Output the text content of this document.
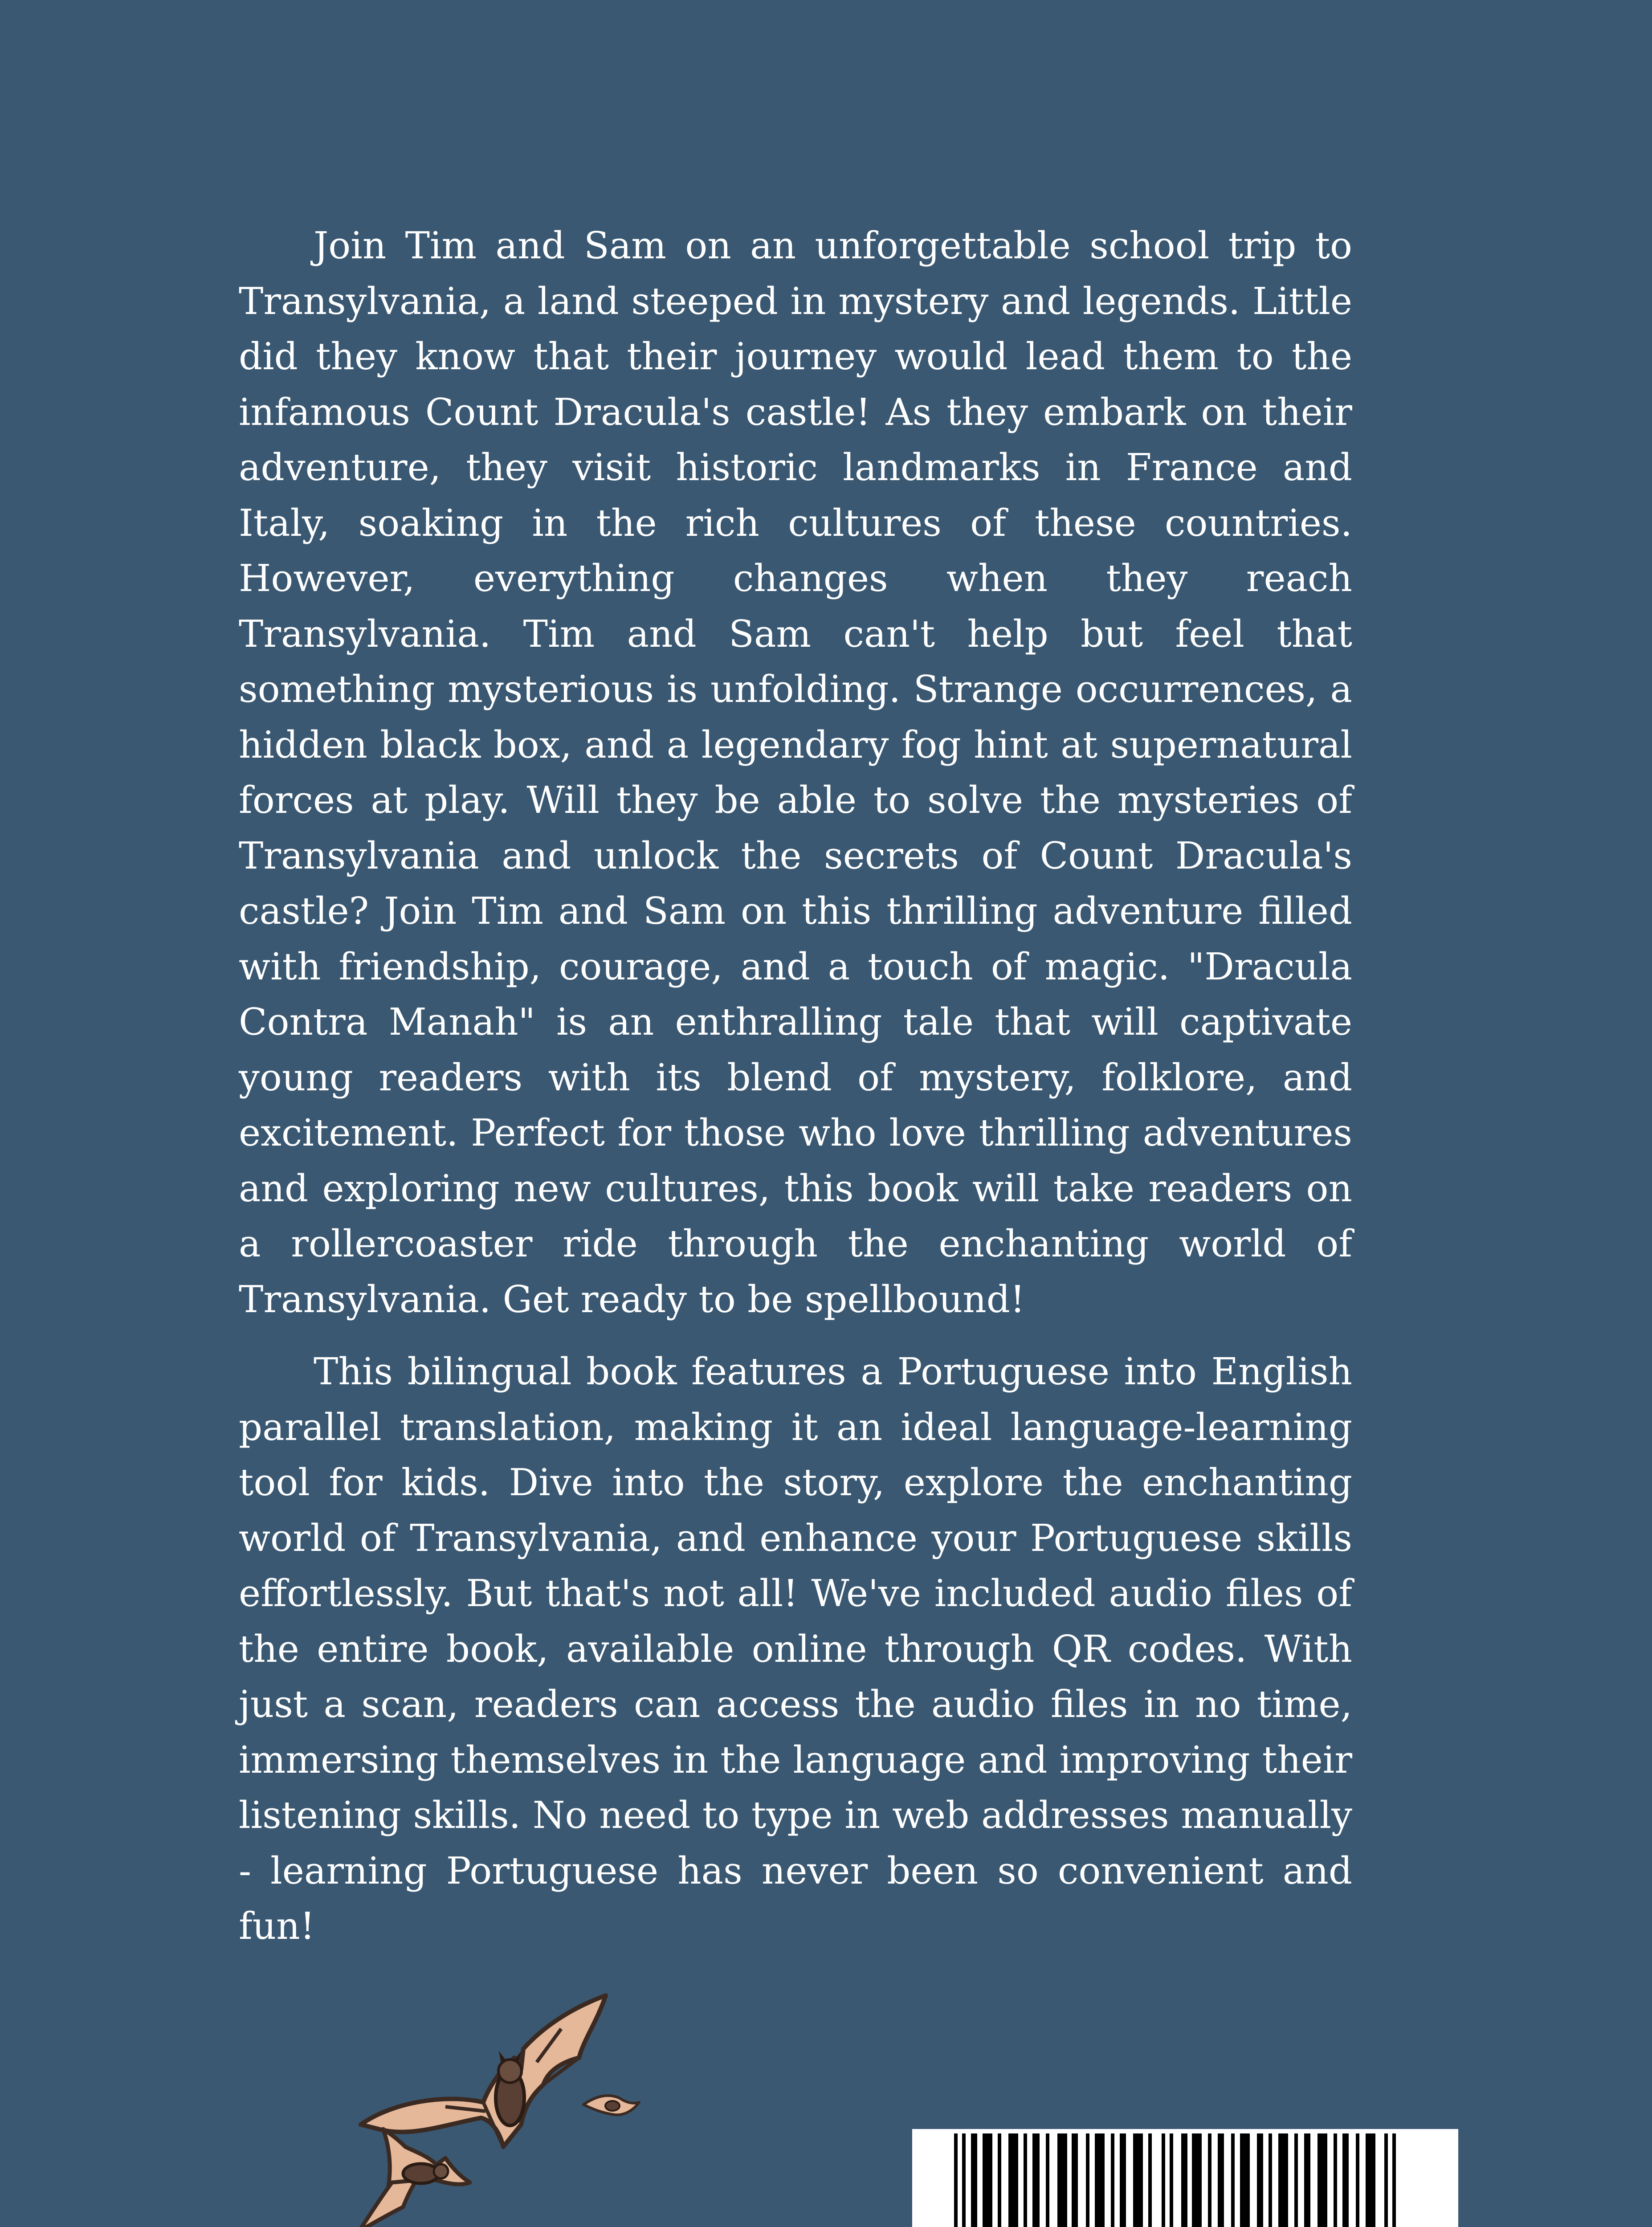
Join Tim and Sam on an unforgettable school trip to Transylvania, a land steeped in mystery and legends. Little did they know that their journey would lead them to the infamous Count Dracula's castle! As they embark on their adventure, they visit historic landmarks in France and Italy, soaking in the rich cultures of these countries. However, everything changes when they reach Transylvania. Tim and Sam can't help but feel that something mysterious is unfolding. Strange occurrences, a hidden black box, and a legendary fog hint at supernatural forces at play. Will they be able to solve the mysteries of Transylvania and unlock the secrets of Count Dracula's castle? Join Tim and Sam on this thrilling adventure filled with friendship, courage, and a touch of magic. "Dracula Contra Manah" is an enthralling tale that will captivate young readers with its blend of mystery, folklore, and excitement. Perfect for those who love thrilling adventures and exploring new cultures, this book will take readers on a rollercoaster ride through the enchanting world of Transylvania. Get ready to be spellbound!

This bilingual book features a Portuguese into English parallel translation, making it an ideal language-learning tool for kids. Dive into the story, explore the enchanting world of Transylvania, and enhance your Portuguese skills effortlessly. But that's not all! We've included audio files of the entire book, available online through QR codes. With just a scan, readers can access the audio files in no time, immersing themselves in the language and improving their listening skills. No need to type in web addresses manually - learning Portuguese has never been so convenient and fun!
